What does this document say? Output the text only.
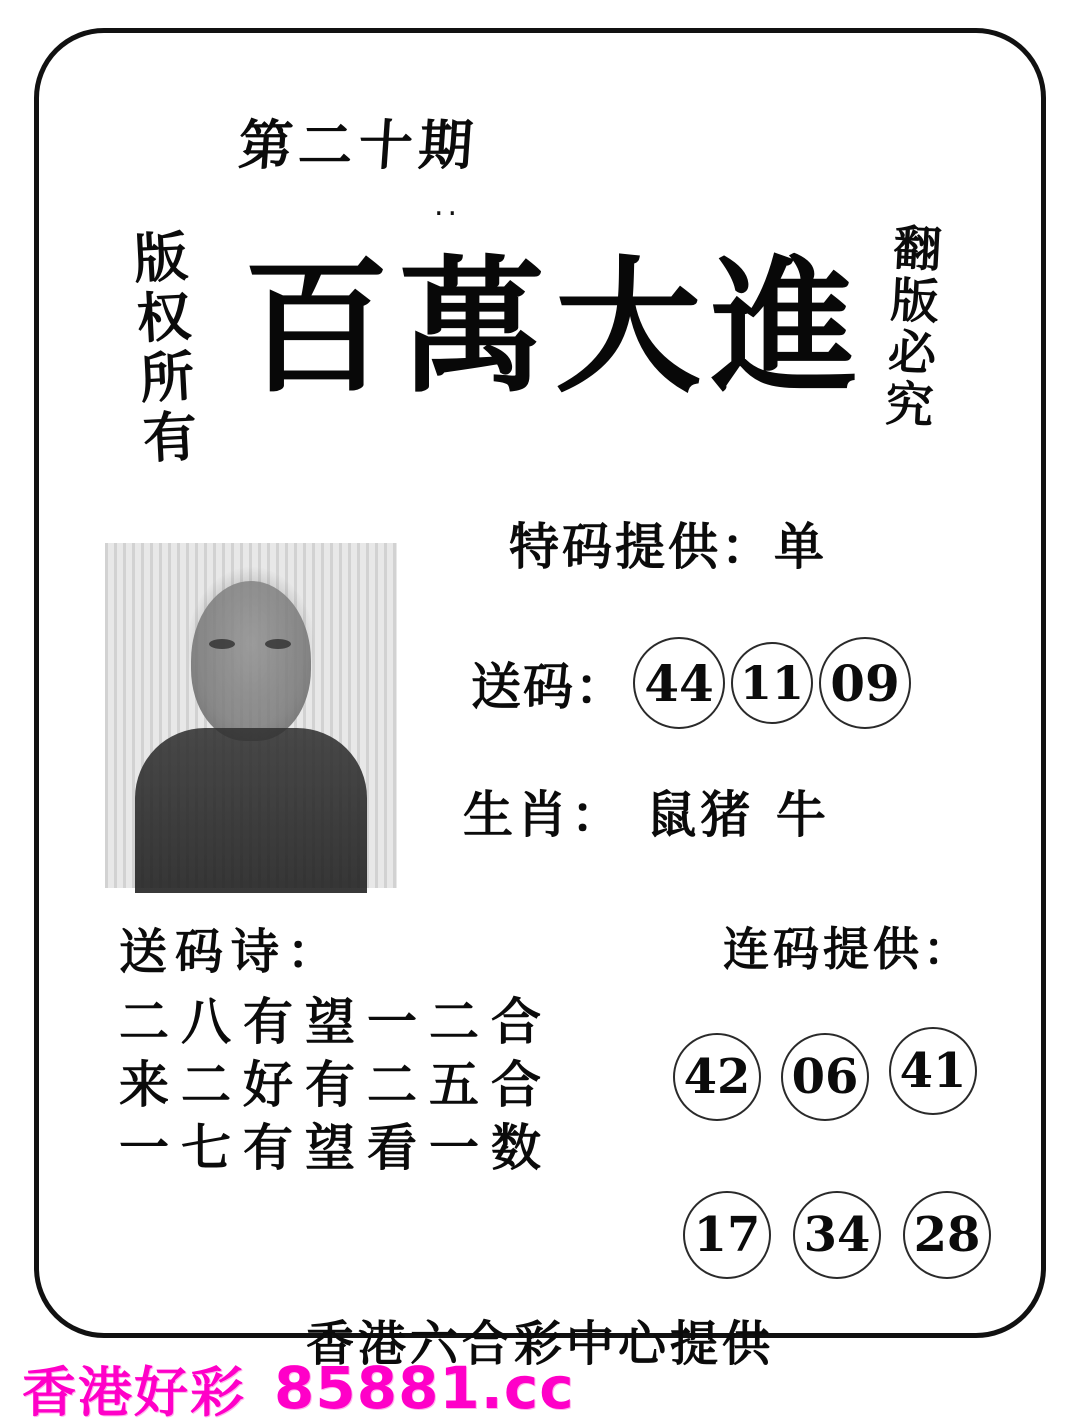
第二十期
..
版权所有	翻版必究
百萬大進
特码提供：单
送码： 44 11 09
生肖： 鼠猪 牛
送码诗：
二八有望一二合
来二好有二五合
一七有望看一数
连码提供：
42 06 41
17 34 28
香港六合彩中心提供
香港好彩 85881.cc
